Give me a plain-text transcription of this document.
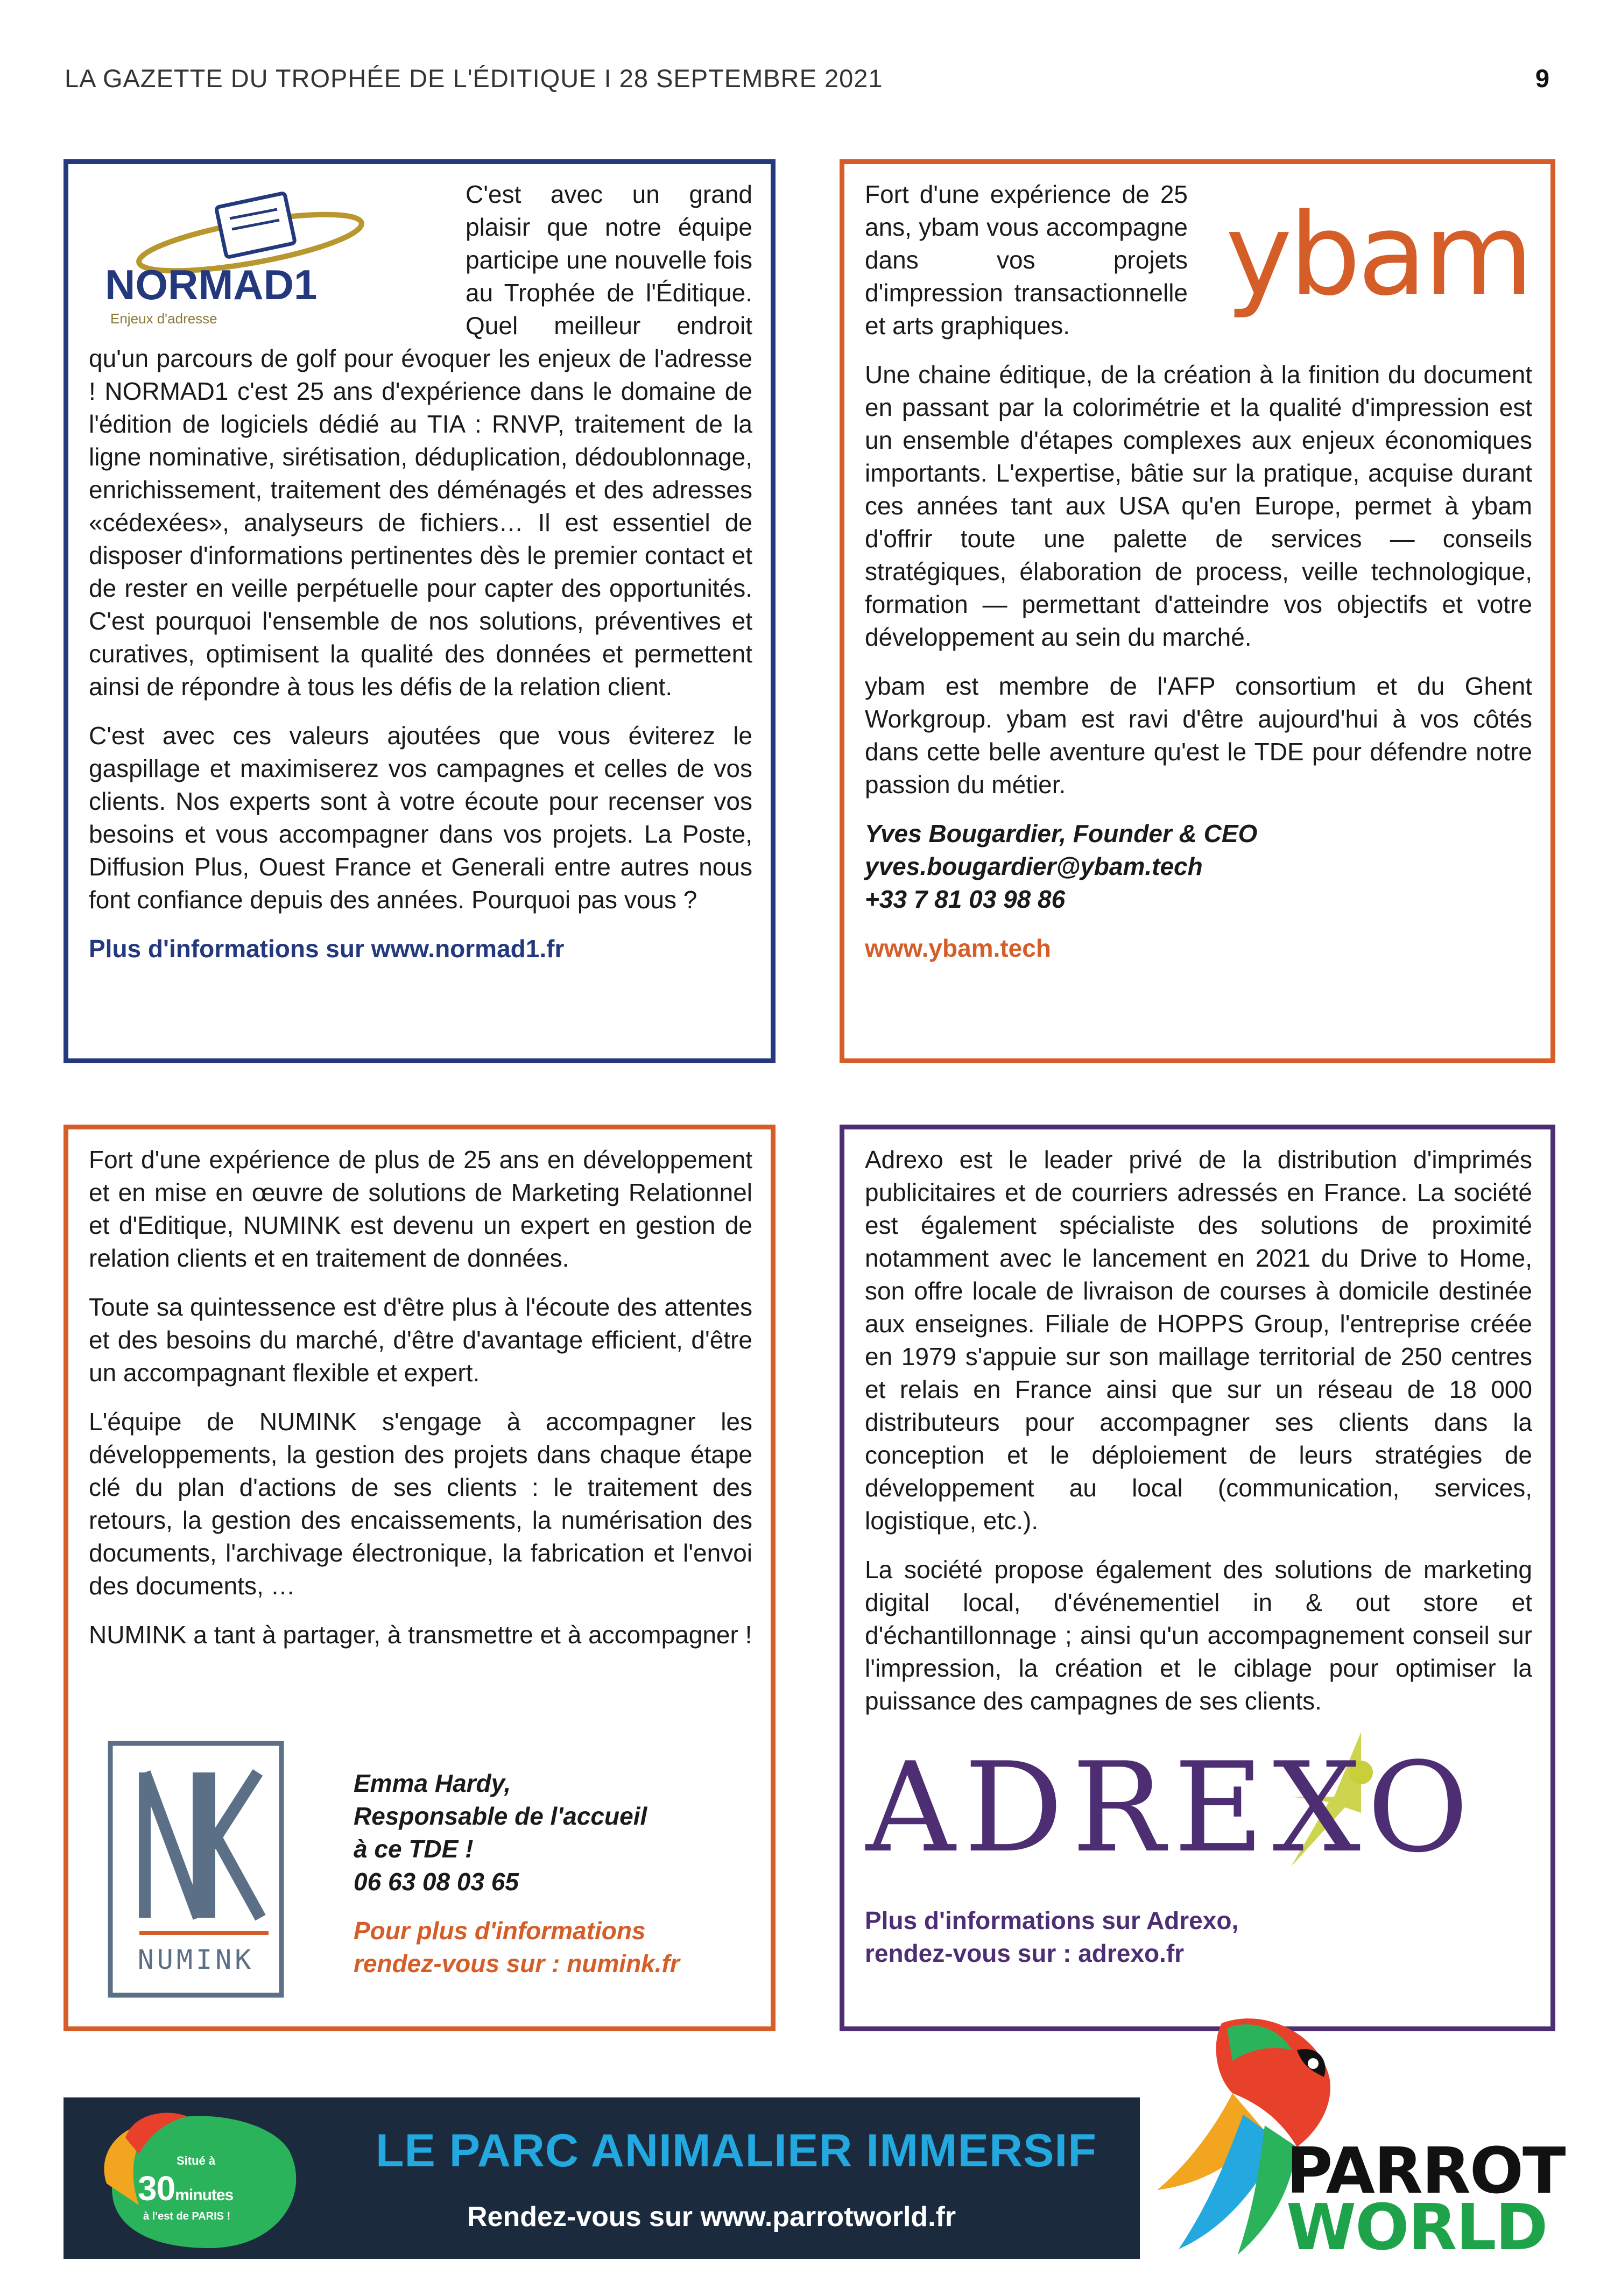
LA GAZETTE DU TROPHÉE DE L'ÉDITIQUE I 28 SEPTEMBRE 2021	9
NORMAD1
Enjeux d'adresse

C'est avec un grand plaisir que notre équipe participe une nouvelle fois au Trophée de l'Éditique. Quel meilleur endroit qu'un parcours de golf pour évoquer les enjeux de l'adresse ! NORMAD1 c'est 25 ans d'expérience dans le domaine de l'édition de logiciels dédié au TIA : RNVP, traitement de la ligne nominative, sirétisation, déduplication, dédoublonnage, enrichissement, traitement des déménagés et des adresses «cédexées», analyseurs de fichiers… Il est essentiel de disposer d'informations pertinentes dès le premier contact et de rester en veille perpétuelle pour capter des opportunités. C'est pourquoi l'ensemble de nos solutions, préventives et curatives, optimisent la qualité des données et permettent ainsi de répondre à tous les défis de la relation client.

C'est avec ces valeurs ajoutées que vous éviterez le gaspillage et maximiserez vos campagnes et celles de vos clients. Nos experts sont à votre écoute pour recenser vos besoins et vous accompagner dans vos projets. La Poste, Diffusion Plus, Ouest France et Generali entre autres nous font confiance depuis des années. Pourquoi pas vous ?

Plus d'informations sur www.normad1.fr
ybam

Fort d'une expérience de 25 ans, ybam vous accompagne dans vos projets d'impression transactionnelle et arts graphiques.

Une chaine éditique, de la création à la finition du document en passant par la colorimétrie et la qualité d'impression est un ensemble d'étapes complexes aux enjeux économiques importants. L'expertise, bâtie sur la pratique, acquise durant ces années tant aux USA qu'en Europe, permet à ybam d'offrir toute une palette de services — conseils stratégiques, élaboration de process, veille technologique, formation — permettant d'atteindre vos objectifs et votre développement au sein du marché.

ybam est membre de l'AFP consortium et du Ghent Workgroup. ybam est ravi d'être aujourd'hui à vos côtés dans cette belle aventure qu'est le TDE pour défendre notre passion du métier.

Yves Bougardier, Founder & CEO
yves.bougardier@ybam.tech
+33 7 81 03 98 86
www.ybam.tech

Fort d'une expérience de plus de 25 ans en développement et en mise en œuvre de solutions de Marketing Relationnel et d'Editique, NUMINK est devenu un expert en gestion de relation clients et en traitement de données.

Toute sa quintessence est d'être plus à l'écoute des attentes et des besoins du marché, d'être d'avantage efficient, d'être un accompagnant flexible et expert.

L'équipe de NUMINK s'engage à accompagner les développements, la gestion des projets dans chaque étape clé du plan d'actions de ses clients : le traitement des retours, la gestion des encaissements, la numérisation des documents, l'archivage électronique, la fabrication et l'envoi des documents, …

NUMINK a tant à partager, à transmettre et à accompagner !

NUMINK
Emma Hardy,
Responsable de l'accueil
à ce TDE !
06 63 08 03 65
Pour plus d'informations
rendez-vous sur : numink.fr

Adrexo est le leader privé de la distribution d'imprimés publicitaires et de courriers adressés en France. La société est également spécialiste des solutions de proximité notamment avec le lancement en 2021 du Drive to Home, son offre locale de livraison de courses à domicile destinée aux enseignes. Filiale de HOPPS Group, l'entreprise créée en 1979 s'appuie sur son maillage territorial de 250 centres et relais en France ainsi que sur un réseau de 18 000 distributeurs pour accompagner ses clients dans la conception et le déploiement de leurs stratégies de développement au local (communication, services, logistique, etc.).

La société propose également des solutions de marketing digital local, d'événementiel in & out store et d'échantillonnage ; ainsi qu'un accompagnement conseil sur l'impression, la création et le ciblage pour optimiser la puissance des campagnes de ses clients.

ADREXO
Plus d'informations sur Adrexo,
rendez-vous sur : adrexo.fr
Situé à
30minutes
à l'est de PARIS !
LE PARC ANIMALIER IMMERSIF
Rendez-vous sur www.parrotworld.fr
PARROT
WORLD
